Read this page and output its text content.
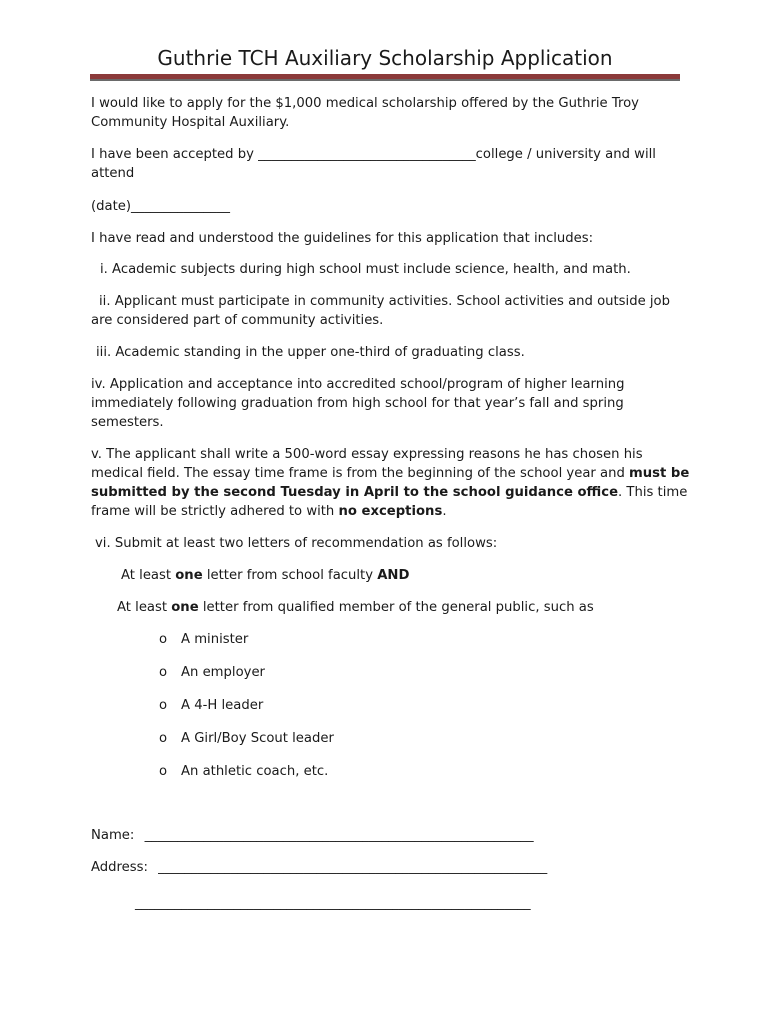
Guthrie TCH Auxiliary Scholarship Application
I would like to apply for the $1,000 medical scholarship offered by the Guthrie Troy Community Hospital Auxiliary.
I have been accepted by _________________________________college / university and will attend
(date)_______________
I have read and understood the guidelines for this application that includes:
i. Academic subjects during high school must include science, health, and math.
ii. Applicant must participate in community activities. School activities and outside job are considered part of community activities.
iii. Academic standing in the upper one-third of graduating class.
iv. Application and acceptance into accredited school/program of higher learning immediately following graduation from high school for that year’s fall and spring semesters.
v. The applicant shall write a 500-word essay expressing reasons he has chosen his medical field. The essay time frame is from the beginning of the school year and must be submitted by the second Tuesday in April to the school guidance office. This time frame will be strictly adhered to with no exceptions.
vi. Submit at least two letters of recommendation as follows:
At least one letter from school faculty AND
At least one letter from qualified member of the general public, such as
o A minister
o An employer
o A 4-H leader
o A Girl/Boy Scout leader
o An athletic coach, etc.
Name: ___________________________________________________________
Address: ___________________________________________________________
____________________________________________________________
